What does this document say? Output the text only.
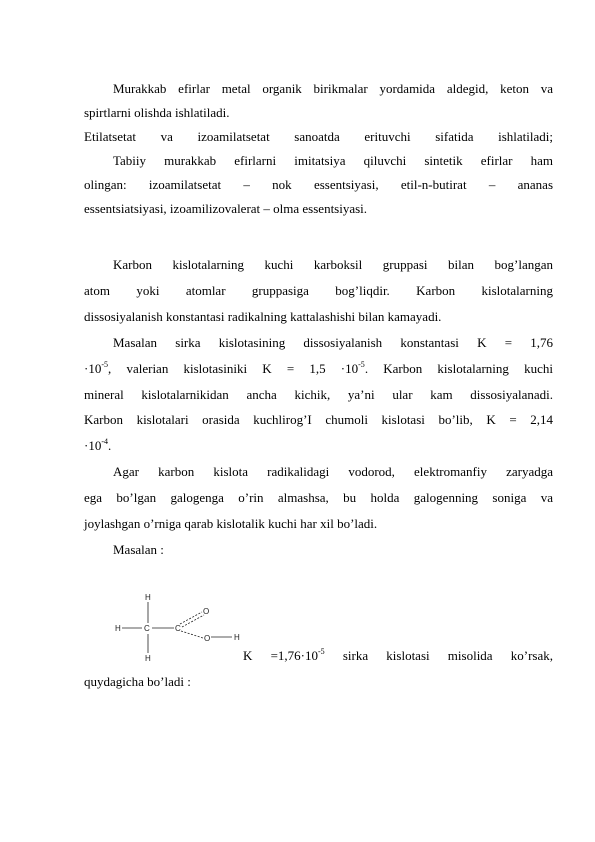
Murakkab efirlar metal organik birikmalar yordamida aldegid, keton va
spirtlarni olishda ishlatiladi.
Etilatsetat va izoamilatsetat sanoatda erituvchi sifatida ishlatiladi;
Tabiiy murakkab efirlarni imitatsiya qiluvchi sintetik efirlar ham
olingan: izoamilatsetat – nok essentsiyasi, etil-n-butirat – ananas
essentsiatsiyasi, izoamilizovalerat – olma essentsiyasi.
Karbon kislotalarning kuchi karboksil gruppasi bilan bog’langan
atom yoki atomlar gruppasiga bog’liqdir. Karbon kislotalarning
dissosiyalanish konstantasi radikalning kattalashishi bilan kamayadi.
Masalan sirka kislotasining dissosiyalanish konstantasi K = 1,76
$\cdot 10^{-5}$, valerian kislotasiniki $K = 1,5 \cdot 10^{-5}$. Karbon kislotalarning kuchi
mineral kislotalarnikidan ancha kichik, ya’ni ular kam dissosiyalanadi.
Karbon kislotalari orasida kuchlirog’I chumoli kislotasi bo’lib, K = 2,14
$\cdot 10^{-4}$.
Agar karbon kislota radikalidagi vodorod, elektromanfiy zaryadga
ega bo’lgan galogenga o’rin almashsa, bu holda galogenning soniga va
joylashgan o’rniga qarab kislotalik kuchi har xil bo’ladi.
Masalan :
H
H	C
H
C
O
O	H
$K =1,76\cdot 10^{-5}$ sirka kislotasi misolida ko’rsak,
quydagicha bo’ladi :
